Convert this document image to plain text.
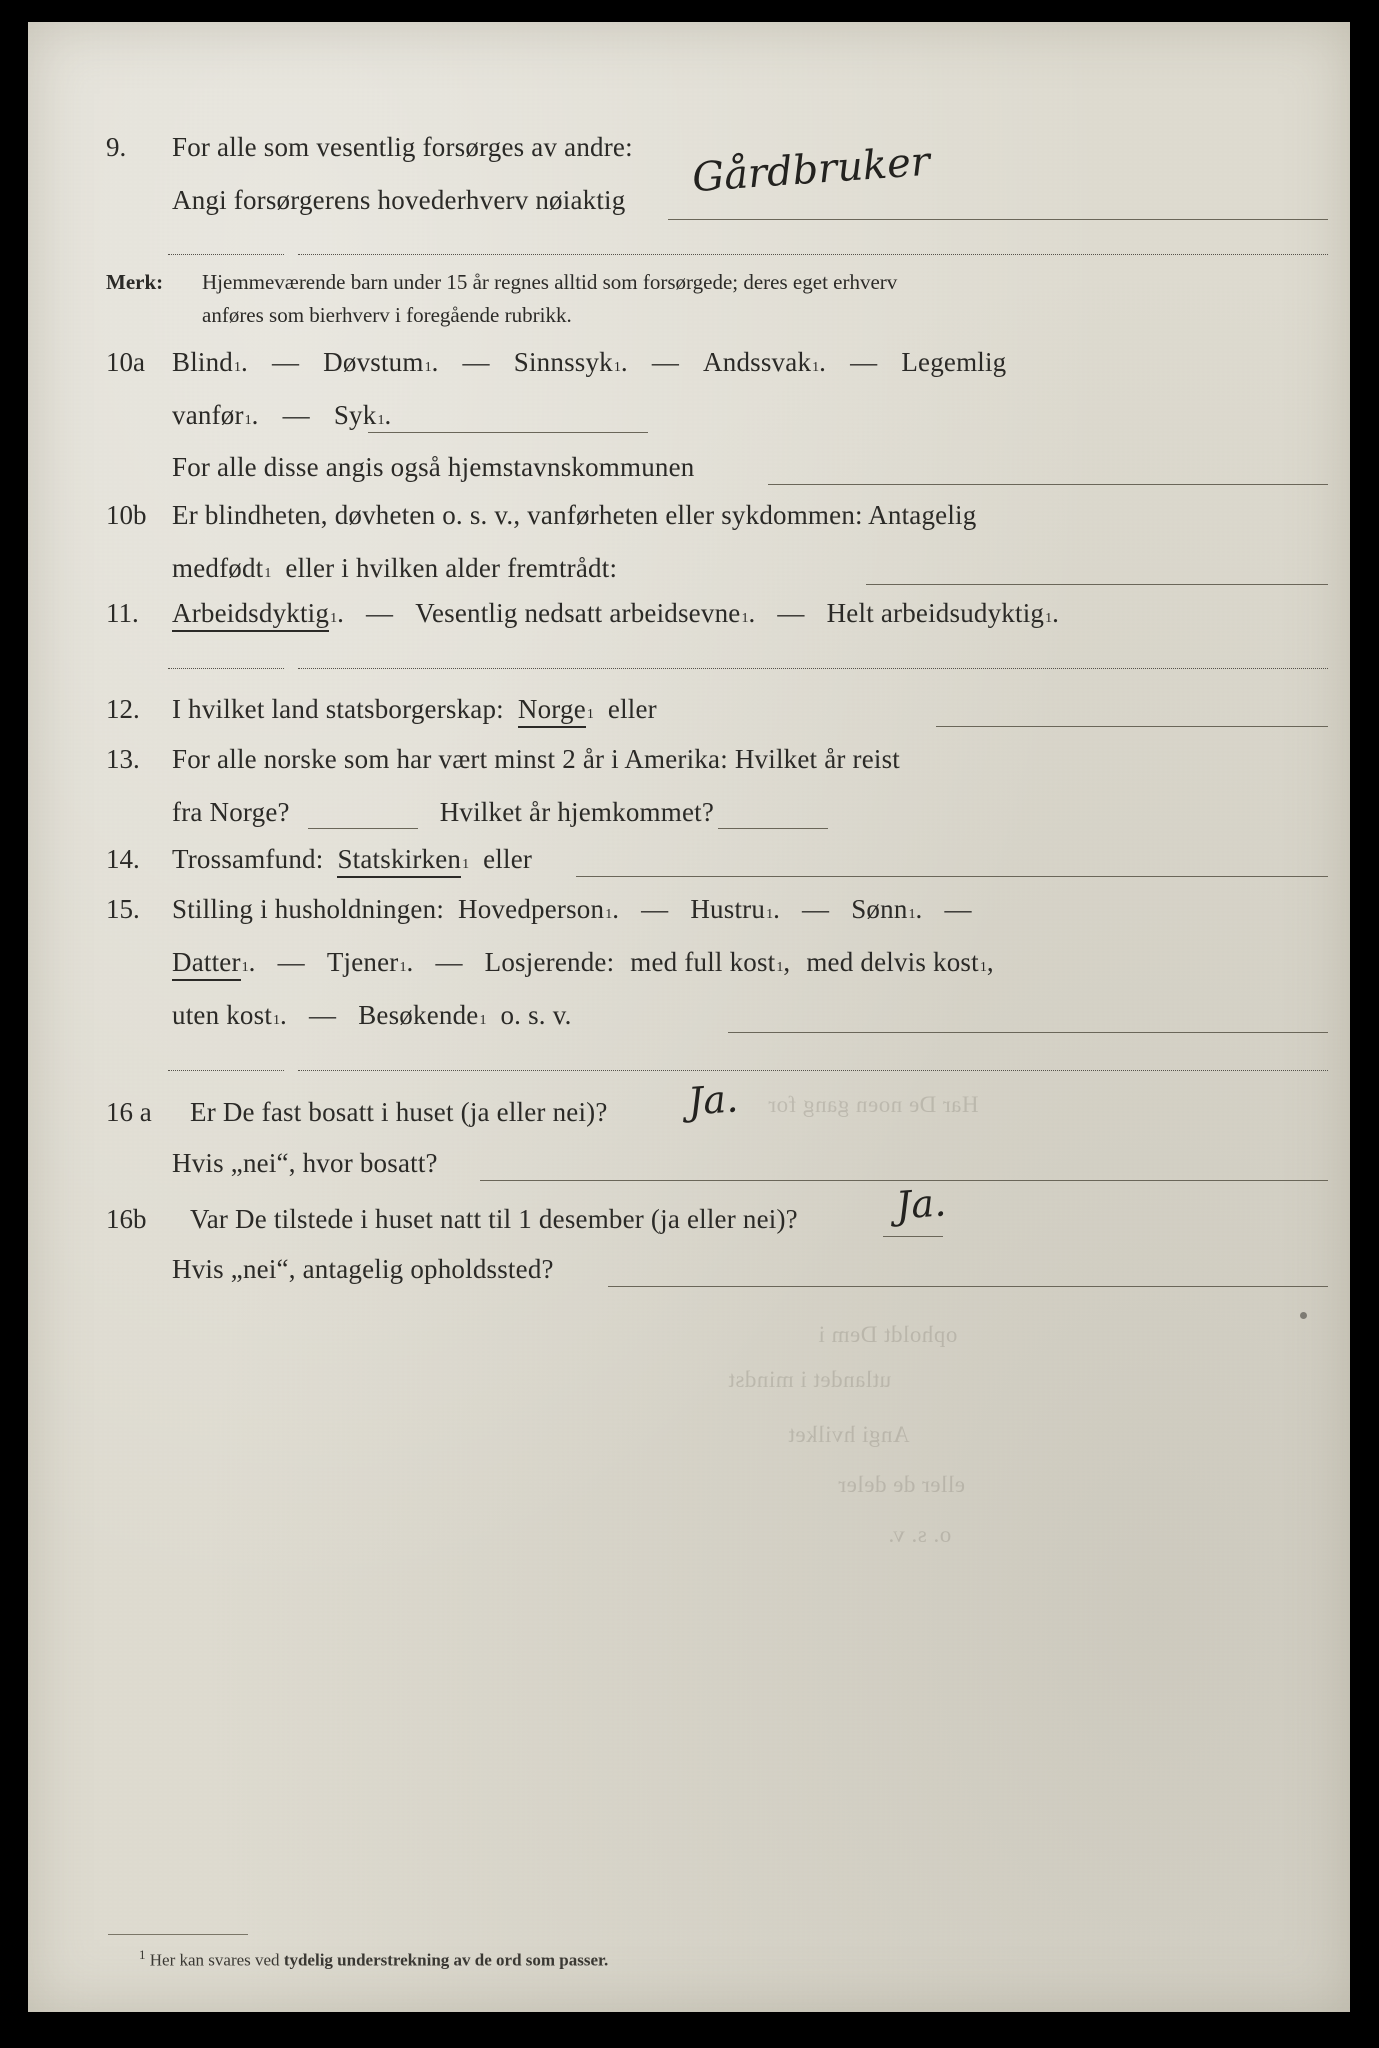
Har De noen gang for
opholdt Dem i
utlandet i mindst
Angi hvilket
eller de deler
o. s. v.
9.	For alle som vesentlig forsørges av andre:
Angi forsørgerens hovederhverv nøiaktig Gårdbruker
Merk:	Hjemmeværende barn under 15 år regnes alltid som forsørgede; deres eget erhverv
anføres som bierhverv i foregående rubrikk.
10a	Blind 1 . — Døvstum 1 . — Sinnssyk 1 . — Andssvak 1 . — Legemlig
vanfør 1 . — Syk 1 .
For alle disse angis også hjemstavnskommunen
10b Er blindheten, døvheten o. s. v., vanførheten eller sykdommen: Antagelig
medfødt 1 eller i hvilken alder fremtrådt:
11.	Arbeidsdyktig 1 . — Vesentlig nedsatt arbeidsevne 1 . — Helt arbeidsudyktig 1 .
12.	I hvilket land statsborgerskap: Norge 1 eller
13.	For alle norske som har vært minst 2 år i Amerika: Hvilket år reist
fra Norge?	Hvilket år hjemkommet?
14.	Trossamfund: Statskirken 1 eller
15.	Stilling i husholdningen: Hovedperson 1 . — Hustru 1 . — Sønn 1 . —
Datter 1 . — Tjener 1 . — Losjerende: med full kost 1 , med delvis kost 1 ,
uten kost 1 . — Besøkende 1 o. s. v.
16 a	Er De fast bosatt i huset (ja eller nei)? Ja.
Hvis „nei“, hvor bosatt?
16b	Var De tilstede i huset natt til 1 desember (ja eller nei)?	Ja.
Hvis „nei“, antagelig opholdssted?
$^1$ Her kan svares ved tydelig understrekning av de ord som passer.
